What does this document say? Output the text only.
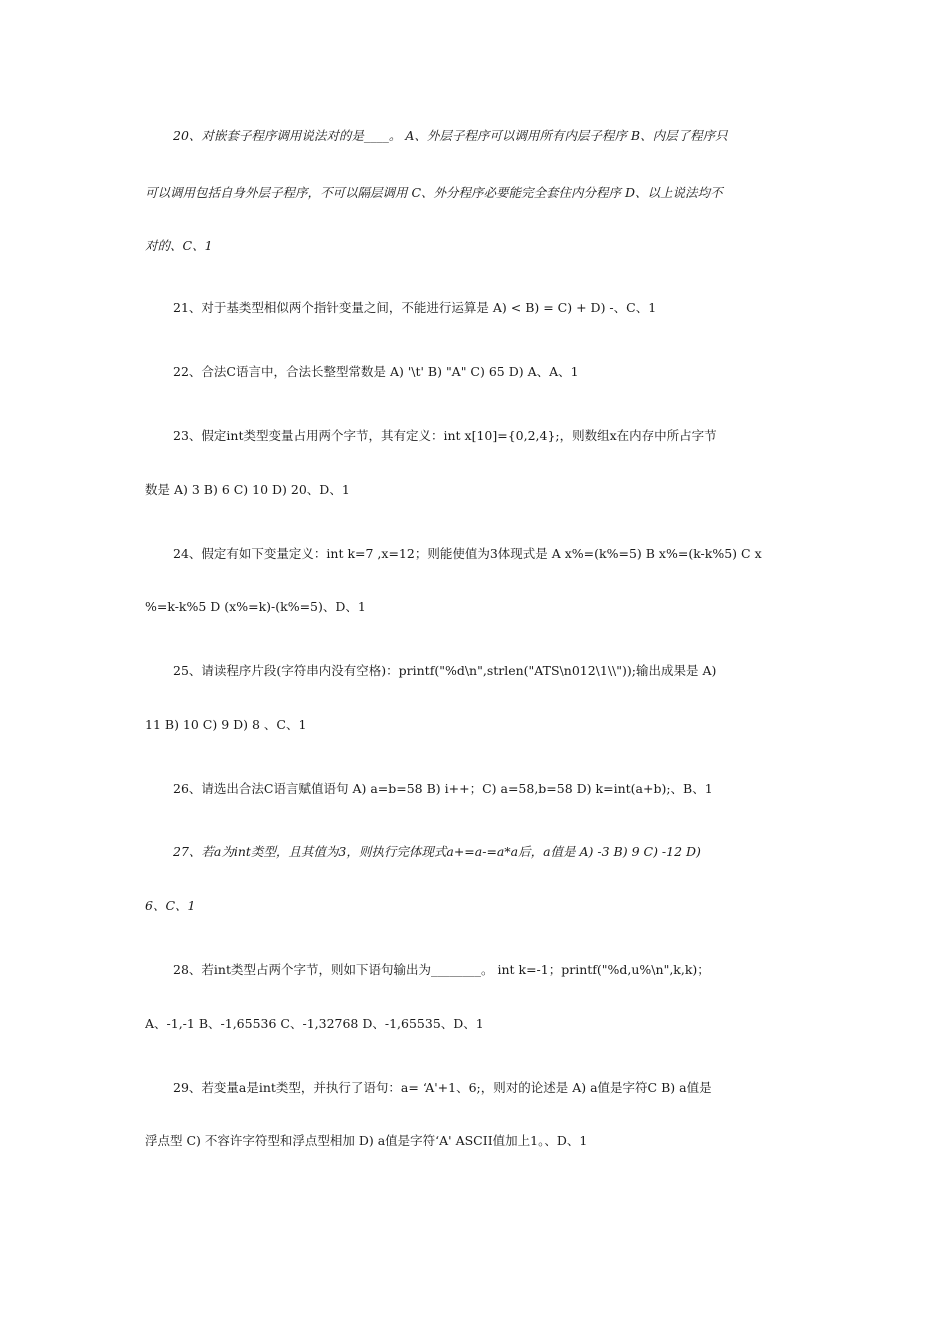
20、对嵌套子程序调用说法对的是____。 A、外层子程序可以调用所有内层子程序 B、内层了程序只
可以调用包括自身外层子程序，不可以隔层调用 C、外分程序必要能完全套住内分程序 D、以上说法均不
对的、C、1
21、对于基类型相似两个指针变量之间，不能进行运算是 A) < B) = C) + D) -、C、1
22、合法C语言中，合法长整型常数是 A) '\t' B) "A" C) 65 D) A、A、1
23、假定int类型变量占用两个字节，其有定义：int x[10]={0,2,4};，则数组x在内存中所占字节
数是 A) 3 B) 6 C) 10 D) 20、D、1
24、假定有如下变量定义：int k=7 ,x=12；则能使值为3体现式是 A x%=(k%=5) B x%=(k-k%5) C x
%=k-k%5 D (x%=k)-(k%=5)、D、1
25、请读程序片段(字符串内没有空格)：printf("%d\n",strlen("ATS\n012\1\\"));输出成果是 A)
11 B) 10 C) 9 D) 8 、C、1
26、请选出合法C语言赋值语句 A) a=b=58 B) i++；C) a=58,b=58 D) k=int(a+b);、B、1
27、若a为int类型，且其值为3，则执行完体现式a+=a-=a*a后，a值是 A) -3 B) 9 C) -12 D)
6、C、1
28、若int类型占两个字节，则如下语句输出为________。 int k=-1；printf("%d,u%\n",k,k)；
A、-1,-1 B、-1,65536 C、-1,32768 D、-1,65535、D、1
29、若变量a是int类型，并执行了语句：a= ‘A'+1、6;，则对的论述是 A) a值是字符C B) a值是
浮点型 C) 不容许字符型和浮点型相加 D) a值是字符‘A' ASCII值加上1。、D、1
